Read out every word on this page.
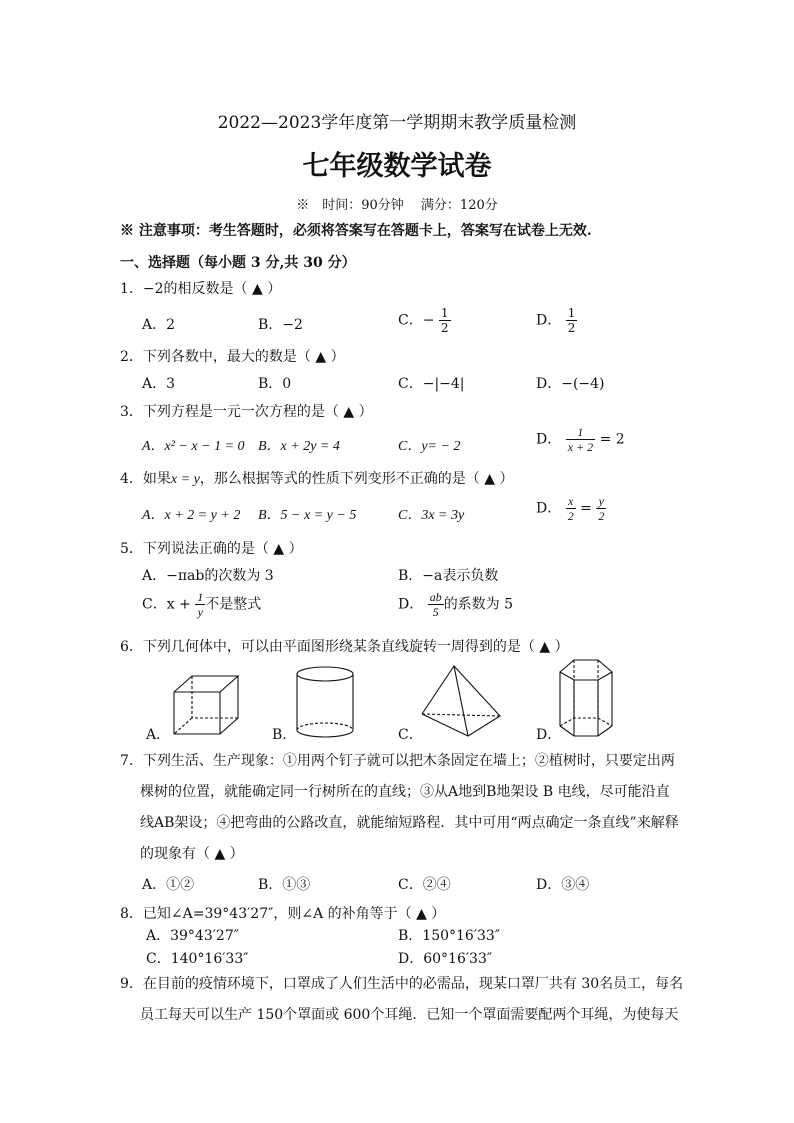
2022—2023学年度第一学期期末教学质量检测
七年级数学试卷
※　时间：90分钟　 满分：120分
※ 注意事项：考生答题时，必须将答案写在答题卡上，答案写在试卷上无效.
一、选择题（每小题 3 分,共 30 分）
1．−2的相反数是（ ▲ ）
A．2	B．−2	C．− $\frac{1}{2}$	D． $\frac{1}{2}$
2．下列各数中，最大的数是（ ▲ ）
A．3	B．0	C．−|−4|	D．−(−4)
3．下列方程是一元一次方程的是（ ▲ ）
A．x² − x − 1 = 0 B．x + 2y = 4	C．y= − 2	D． $\frac{1}{x + 2} = 2$
4．如果x = y，那么根据等式的性质下列变形不正确的是（ ▲ ）
A．x + 2 = y + 2 B．5 − x = y − 5	C．3x = 3y	D． $\frac{x}{2} = \frac{y}{2}$
5．下列说法正确的是（ ▲ ）
A．−πab的次数为 3	B．−a表示负数
C．$x + \frac{1}{y}$ 不是整式	D． $\frac{ab}{5}$ 的系数为 5
6．下列几何体中，可以由平面图形绕某条直线旋转一周得到的是（ ▲ ）
A．	B．	C．	D．
7．下列生活、生产现象：①用两个钉子就可以把木条固定在墙上；②植树时，只要定出两
棵树的位置，就能确定同一行树所在的直线；③从A地到B地架设 B 电线，尽可能沿直
线AB架设；④把弯曲的公路改直，就能缩短路程．其中可用“两点确定一条直线”来解释
的现象有（ ▲ ）
A．①②	B．①③	C．②④	D．③④
8．已知∠A=39°43′27″，则∠A 的补角等于（ ▲ ）
A．39°43′27″	B．150°16′33″
C．140°16′33″	D．60°16′33″
9．在目前的疫情环境下，口罩成了人们生活中的必需品，现某口罩厂共有 30名员工，每名
员工每天可以生产 150个罩面或 600个耳绳．已知一个罩面需要配两个耳绳，为使每天
